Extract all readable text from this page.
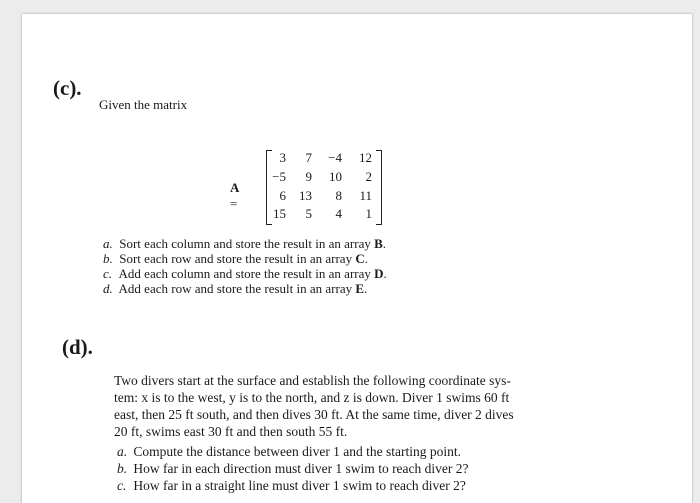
(c).
Given the matrix
A =
3	7	−4	12
−5	9	10	2
6	13	8	11
15	5	4	1
a. Sort each column and store the result in an array B.
b. Sort each row and store the result in an array C.
c. Add each column and store the result in an array D.
d. Add each row and store the result in an array E.
(d).
Two divers start at the surface and establish the following coordinate sys-
tem: x is to the west, y is to the north, and z is down. Diver 1 swims 60 ft
east, then 25 ft south, and then dives 30 ft. At the same time, diver 2 dives
20 ft, swims east 30 ft and then south 55 ft.
a. Compute the distance between diver 1 and the starting point.
b. How far in each direction must diver 1 swim to reach diver 2?
c. How far in a straight line must diver 1 swim to reach diver 2?
